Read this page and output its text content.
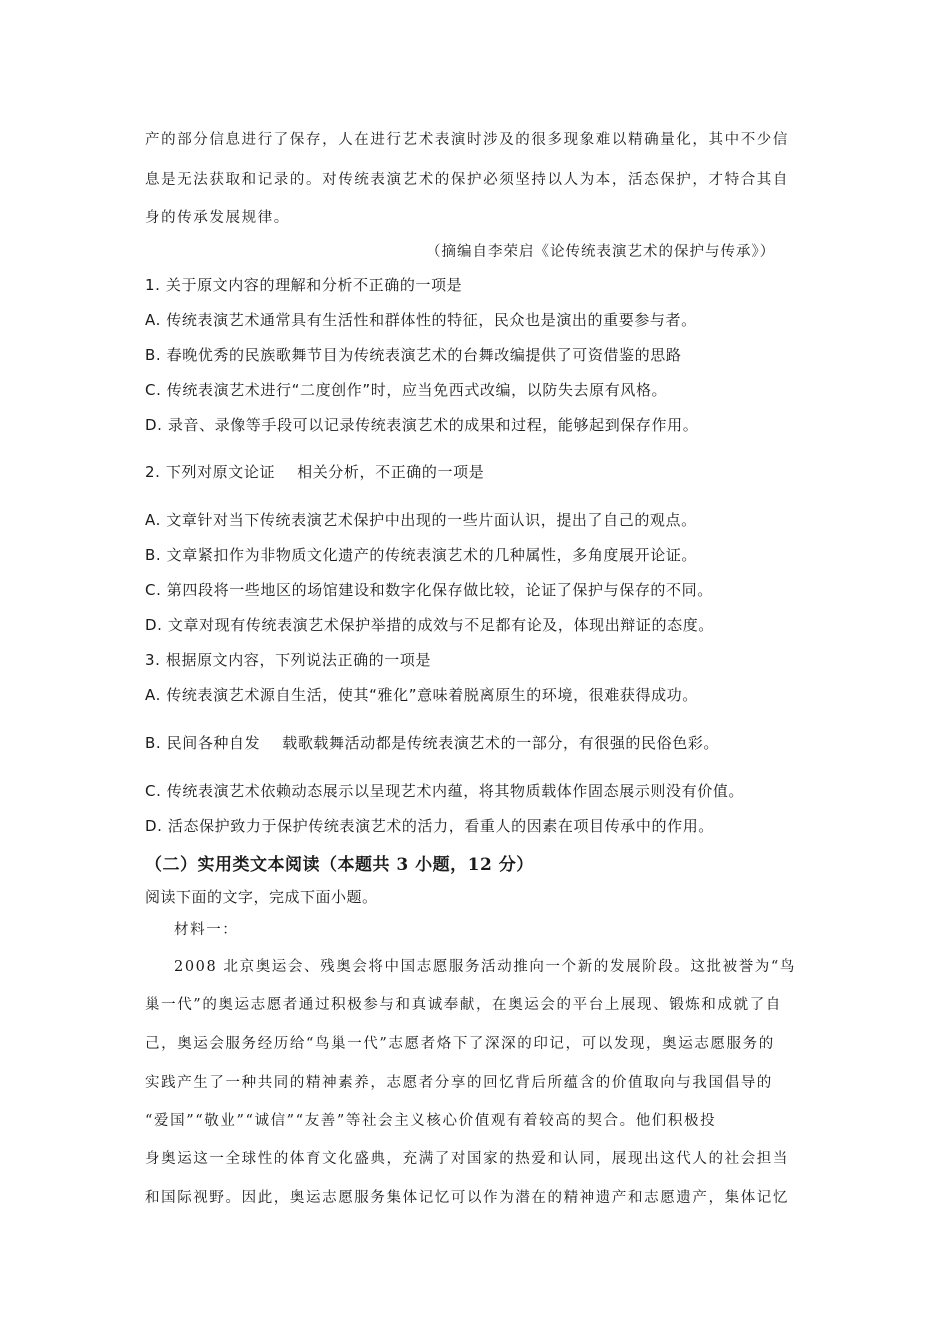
产的部分信息进行了保存，人在进行艺术表演时涉及的很多现象难以精确量化，其中不少信
息是无法获取和记录的。对传统表演艺术的保护必须坚持以人为本，活态保护，才特合其自
身的传承发展规律。
（摘编自李荣启《论传统表演艺术的保护与传承》）
1. 关于原文内容的理解和分析不正确的一项是
A. 传统表演艺术通常具有生活性和群体性的特征，民众也是演出的重要参与者。
B. 春晚优秀的民族歌舞节目为传统表演艺术的台舞改编提供了可资借鉴的思路
C. 传统表演艺术进行“二度创作”时，应当免西式改编，以防失去原有风格。
D. 录音、录像等手段可以记录传统表演艺术的成果和过程，能够起到保存作用。
2. 下列对原文论证 相关分析，不正确的一项是
A. 文章针对当下传统表演艺术保护中出现的一些片面认识，提出了自己的观点。
B. 文章紧扣作为非物质文化遗产的传统表演艺术的几种属性，多角度展开论证。
C. 第四段将一些地区的场馆建设和数字化保存做比较，论证了保护与保存的不同。
D. 文章对现有传统表演艺术保护举措的成效与不足都有论及，体现出辩证的态度。
3. 根据原文内容，下列说法正确的一项是
A. 传统表演艺术源自生活，使其“雅化”意味着脱离原生的环境，很难获得成功。
B. 民间各种自发 载歌载舞活动都是传统表演艺术的一部分，有很强的民俗色彩。
C. 传统表演艺术依赖动态展示以呈现艺术内蕴，将其物质载体作固态展示则没有价值。
D. 活态保护致力于保护传统表演艺术的活力，看重人的因素在项目传承中的作用。
（二）实用类文本阅读（本题共 3 小题，12 分）
阅读下面的文字，完成下面小题。
材料一：
2008 北京奥运会、残奥会将中国志愿服务活动推向一个新的发展阶段。这批被誉为“鸟
巢一代”的奥运志愿者通过积极参与和真诚奉献，在奥运会的平台上展现、锻炼和成就了自
己，奥运会服务经历给“鸟巢一代”志愿者烙下了深深的印记，可以发现，奥运志愿服务的
实践产生了一种共同的精神素养，志愿者分享的回忆背后所蕴含的价值取向与我国倡导的
“爱国”“敬业”“诚信”“友善”等社会主义核心价值观有着较高的契合。他们积极投
身奥运这一全球性的体育文化盛典，充满了对国家的热爱和认同，展现出这代人的社会担当
和国际视野。因此，奥运志愿服务集体记忆可以作为潜在的精神遗产和志愿遗产，集体记忆
